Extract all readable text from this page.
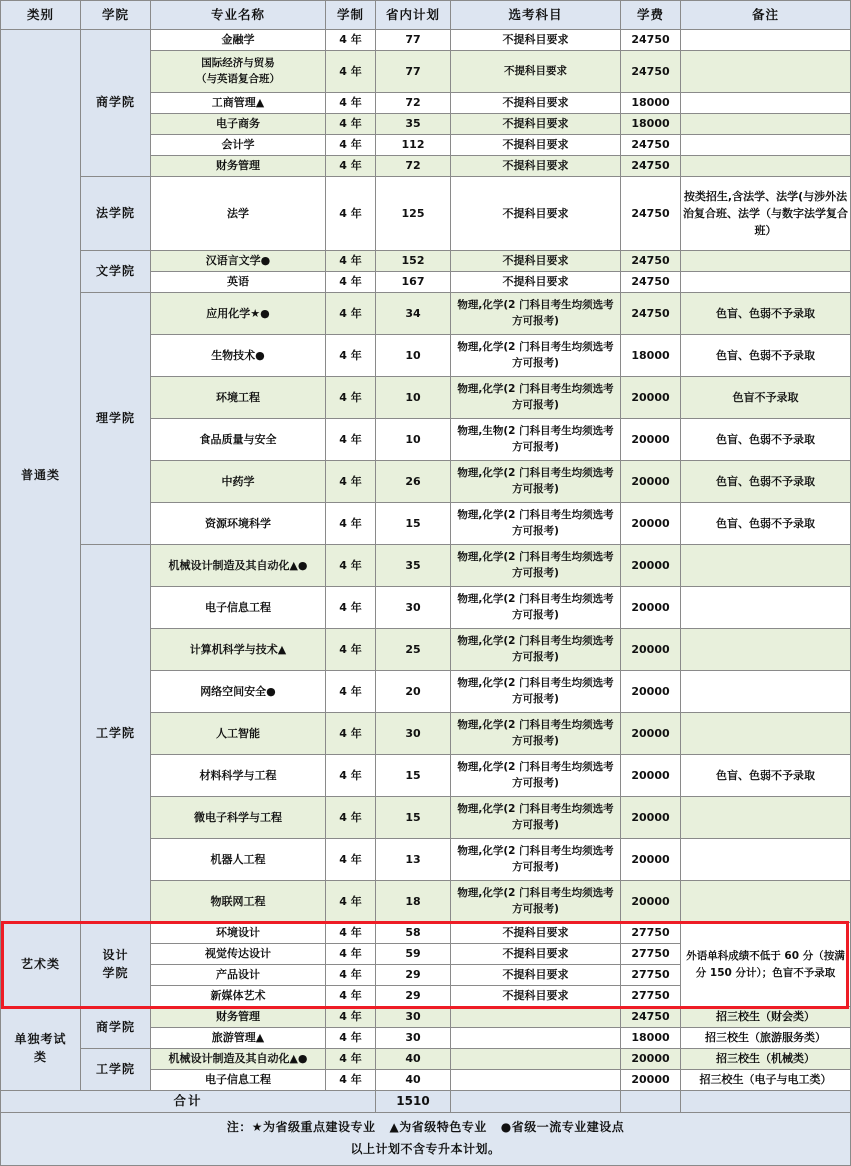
类别	学院	专业名称	学制	省内计划	选考科目	学费	备注
普通类	商学院	金融学	4 年	77	不提科目要求	24750	
		国际经济与贸易
（与英语复合班）	4 年	77	不提科目要求	24750	
		工商管理▲	4 年	72	不提科目要求	18000	
		电子商务	4 年	35	不提科目要求	18000	
		会计学	4 年	112	不提科目要求	24750	
		财务管理	4 年	72	不提科目要求	24750	
	法学院	法学	4 年	125	不提科目要求	24750	按类招生,含法学、法学(与涉外法治复合班、法学（与数字法学复合班）
	文学院	汉语言文学●	4 年	152	不提科目要求	24750	
		英语	4 年	167	不提科目要求	24750	
	理学院	应用化学★●	4 年	34	物理,化学(2 门科目考生均须选考方可报考)	24750	色盲、色弱不予录取
		生物技术●	4 年	10	物理,化学(2 门科目考生均须选考方可报考)	18000	色盲、色弱不予录取
		环境工程	4 年	10	物理,化学(2 门科目考生均须选考方可报考)	20000	色盲不予录取
		食品质量与安全	4 年	10	物理,生物(2 门科目考生均须选考方可报考)	20000	色盲、色弱不予录取
		中药学	4 年	26	物理,化学(2 门科目考生均须选考方可报考)	20000	色盲、色弱不予录取
		资源环境科学	4 年	15	物理,化学(2 门科目考生均须选考方可报考)	20000	色盲、色弱不予录取
	工学院	机械设计制造及其自动化▲●	4 年	35	物理,化学(2 门科目考生均须选考方可报考)	20000	
		电子信息工程	4 年	30	物理,化学(2 门科目考生均须选考方可报考)	20000	
		计算机科学与技术▲	4 年	25	物理,化学(2 门科目考生均须选考方可报考)	20000	
		网络空间安全●	4 年	20	物理,化学(2 门科目考生均须选考方可报考)	20000	
		人工智能	4 年	30	物理,化学(2 门科目考生均须选考方可报考)	20000	
		材料科学与工程	4 年	15	物理,化学(2 门科目考生均须选考方可报考)	20000	色盲、色弱不予录取
		微电子科学与工程	4 年	15	物理,化学(2 门科目考生均须选考方可报考)	20000	
		机器人工程	4 年	13	物理,化学(2 门科目考生均须选考方可报考)	20000	
		物联网工程	4 年	18	物理,化学(2 门科目考生均须选考方可报考)	20000	
艺术类	设计
学院	环境设计	4 年	58	不提科目要求	27750	外语单科成绩不低于 60 分（按满分 150 分计）；色盲不予录取
		视觉传达设计	4 年	59	不提科目要求	27750	
		产品设计	4 年	29	不提科目要求	27750	
		新媒体艺术	4 年	29	不提科目要求	27750	
单独考试
类	商学院	财务管理	4 年	30		24750	招三校生（财会类）
		旅游管理▲	4 年	30		18000	招三校生（旅游服务类）
	工学院	机械设计制造及其自动化▲●	4 年	40		20000	招三校生（机械类）
		电子信息工程	4 年	40		20000	招三校生（电子与电工类）
合计				1510			
注：★为省级重点建设专业 ▲为省级特色专业 ●省级一流专业建设点
以上计划不含专升本计划。							
